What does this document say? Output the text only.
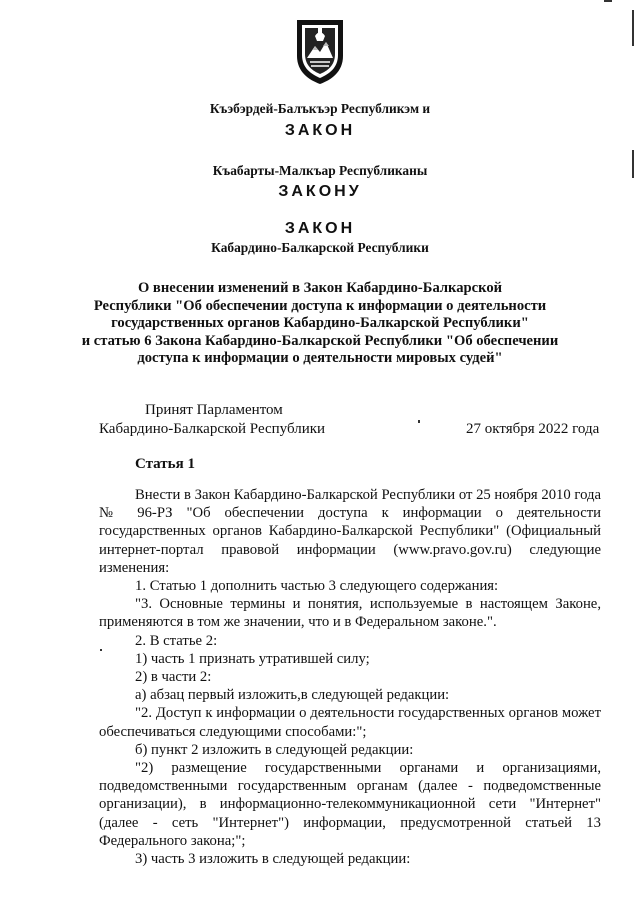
Къэбэрдей-Балъкъэр Республикэм и
ЗАКОН
Къабарты-Малкъар Республиканы
ЗАКОНУ
ЗАКОН
Кабардино-Балкарской Республики
О внесении изменений в Закон Кабардино-Балкарской
Республики "Об обеспечении доступа к информации о деятельности
государственных органов Кабардино-Балкарской Республики"
и статью 6 Закона Кабардино-Балкарской Республики "Об обеспечении
доступа к информации о деятельности мировых судей"
Принят Парламентом
Кабардино-Балкарской Республики	27 октября 2022 года
Статья 1

Внести в Закон Кабардино-Балкарской Республики от 25 ноября 2010 года № 96-РЗ "Об обеспечении доступа к информации о деятельности государственных органов Кабардино-Балкарской Республики" (Официальный интернет-портал правовой информации (www.pravo.gov.ru) следующие изменения:

1. Статью 1 дополнить частью 3 следующего содержания:

"3. Основные термины и понятия, используемые в настоящем Законе, применяются в том же значении, что и в Федеральном законе.".

2. В статье 2:

1) часть 1 признать утратившей силу;

2) в части 2:

а) абзац первый изложить,в следующей редакции:

"2. Доступ к информации о деятельности государственных органов может обеспечиваться следующими способами:";

б) пункт 2 изложить в следующей редакции:

"2) размещение государственными органами и организациями, подведомственными государственным органам (далее - подведомственные организации), в информационно-телекоммуникационной сети "Интернет" (далее - сеть "Интернет") информации, предусмотренной статьей 13 Федерального закона;";

3) часть 3 изложить в следующей редакции:
